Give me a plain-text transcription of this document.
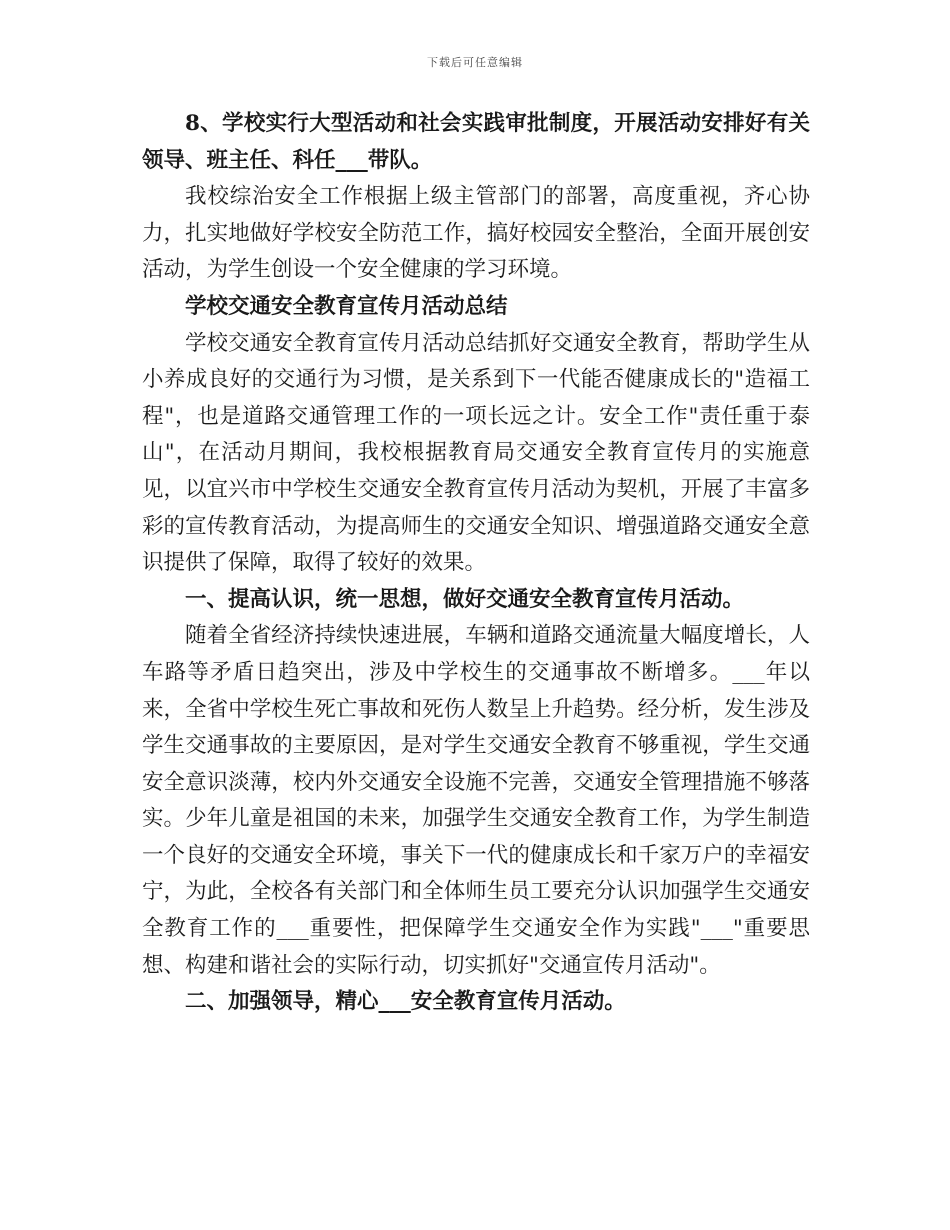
下载后可任意编辑

8、学校实行大型活动和社会实践审批制度，开展活动安排好有关领导、班主任、科任___带队。

我校综治安全工作根据上级主管部门的部署，高度重视，齐心协力，扎实地做好学校安全防范工作，搞好校园安全整治，全面开展创安活动，为学生创设一个安全健康的学习环境。

学校交通安全教育宣传月活动总结

学校交通安全教育宣传月活动总结抓好交通安全教育，帮助学生从小养成良好的交通行为习惯，是关系到下一代能否健康成长的"造福工程"，也是道路交通管理工作的一项长远之计。安全工作"责任重于泰山"，在活动月期间，我校根据教育局交通安全教育宣传月的实施意见，以宜兴市中学校生交通安全教育宣传月活动为契机，开展了丰富多彩的宣传教育活动，为提高师生的交通安全知识、增强道路交通安全意识提供了保障，取得了较好的效果。

一、提高认识，统一思想，做好交通安全教育宣传月活动。

随着全省经济持续快速进展，车辆和道路交通流量大幅度增长，人车路等矛盾日趋突出，涉及中学校生的交通事故不断增多。___年以来，全省中学校生死亡事故和死伤人数呈上升趋势。经分析，发生涉及学生交通事故的主要原因，是对学生交通安全教育不够重视，学生交通安全意识淡薄，校内外交通安全设施不完善，交通安全管理措施不够落实。少年儿童是祖国的未来，加强学生交通安全教育工作，为学生制造一个良好的交通安全环境，事关下一代的健康成长和千家万户的幸福安宁，为此，全校各有关部门和全体师生员工要充分认识加强学生交通安全教育工作的___重要性，把保障学生交通安全作为实践"___"重要思想、构建和谐社会的实际行动，切实抓好"交通宣传月活动"。

二、加强领导，精心___安全教育宣传月活动。
